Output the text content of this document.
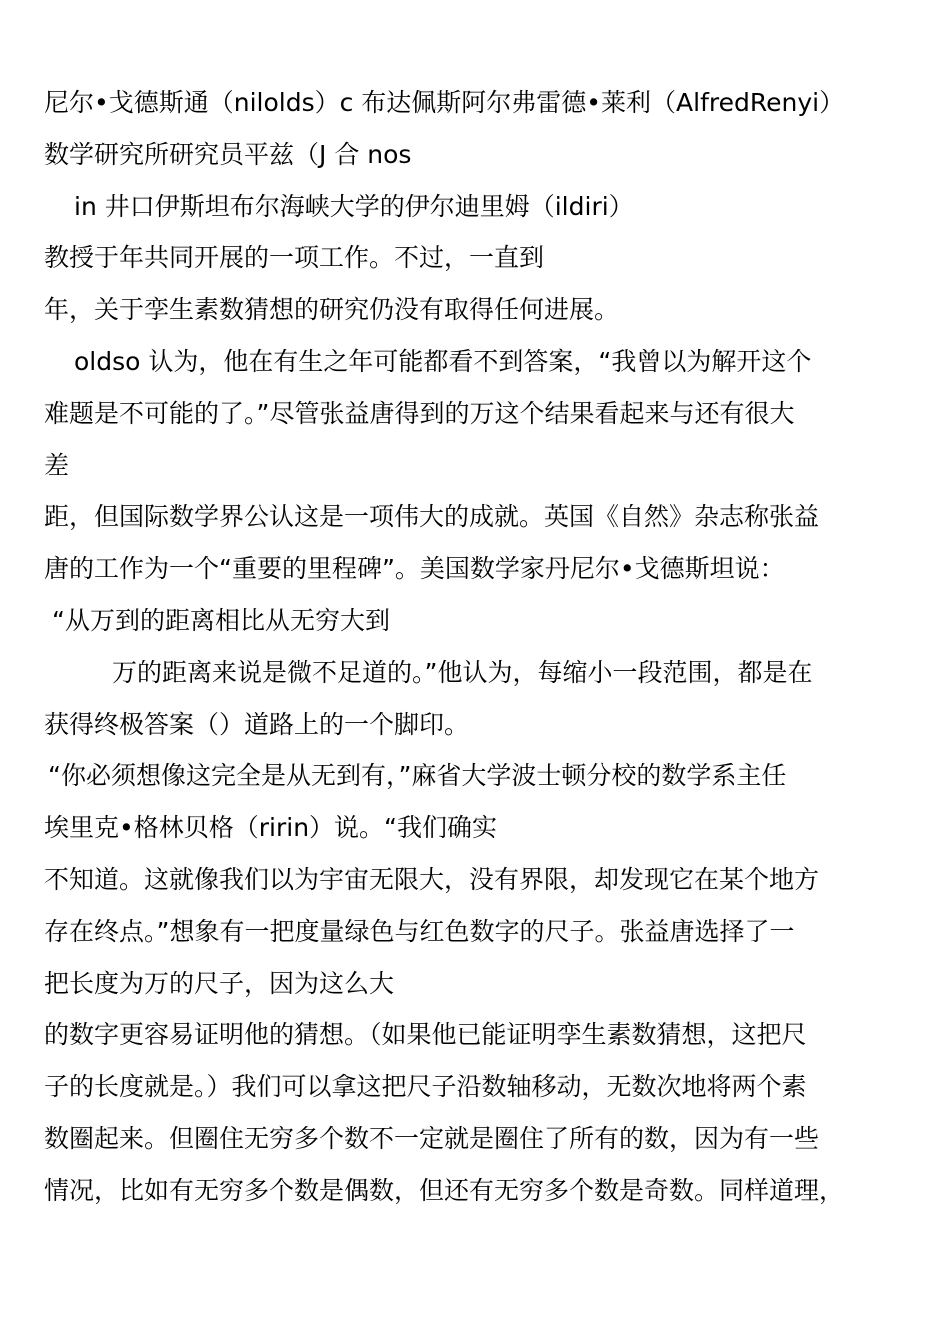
尼尔•戈德斯通（nilolds）c 布达佩斯阿尔弗雷德•莱利（AlfredRenyi）
数学研究所研究员平兹（J 合 nos
in 井口伊斯坦布尔海峡大学的伊尔迪里姆（ildiri）
教授于年共同开展的一项工作。不过，一直到
年，关于孪生素数猜想的研究仍没有取得任何进展。
oldso 认为，他在有生之年可能都看不到答案，“我曾以为解开这个
难题是不可能的了。”尽管张益唐得到的万这个结果看起来与还有很大
差
距，但国际数学界公认这是一项伟大的成就。英国《自然》杂志称张益
唐的工作为一个“重要的里程碑”。美国数学家丹尼尔•戈德斯坦说：
“从万到的距离相比从无穷大到
万的距离来说是微不足道的。”他认为，每缩小一段范围，都是在
获得终极答案（）道路上的一个脚印。
“你必须想像这完全是从无到有，”麻省大学波士顿分校的数学系主任
埃里克•格林贝格（ririn）说。“我们确实
不知道。这就像我们以为宇宙无限大，没有界限，却发现它在某个地方
存在终点。”想象有一把度量绿色与红色数字的尺子。张益唐选择了一
把长度为万的尺子，因为这么大
的数字更容易证明他的猜想。（如果他已能证明孪生素数猜想，这把尺
子的长度就是。）我们可以拿这把尺子沿数轴移动，无数次地将两个素
数圈起来。但圈住无穷多个数不一定就是圈住了所有的数，因为有一些
情况，比如有无穷多个数是偶数，但还有无穷多个数是奇数。同样道理，
